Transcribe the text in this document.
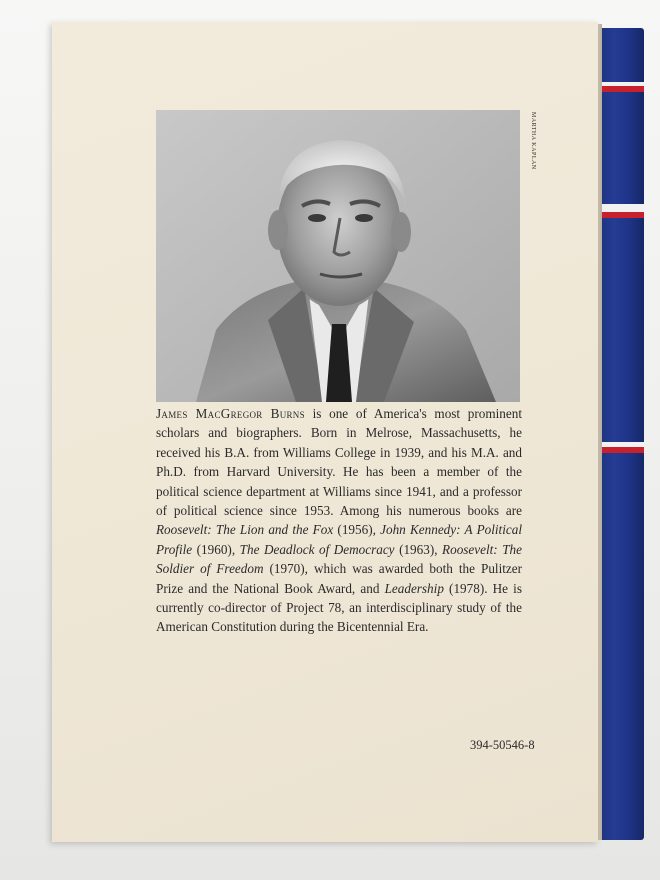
MARTHA KAPLAN
James MacGregor Burns is one of America's most prominent scholars and biographers. Born in Melrose, Massachusetts, he received his B.A. from Williams College in 1939, and his M.A. and Ph.D. from Harvard University. He has been a member of the political science department at Williams since 1941, and a professor of political science since 1953. Among his numerous books are Roosevelt: The Lion and the Fox (1956), John Kennedy: A Political Profile (1960), The Deadlock of Democracy (1963), Roosevelt: The Soldier of Freedom (1970), which was awarded both the Pulitzer Prize and the National Book Award, and Leadership (1978). He is currently co-director of Project 78, an interdisciplinary study of the American Constitution during the Bicentennial Era.
394-50546-8
